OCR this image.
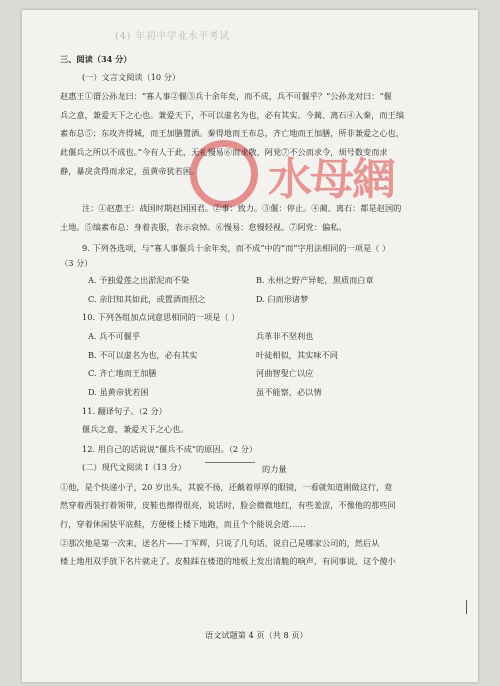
(4) 年初中学业水平考试
水母網
三、阅读（34 分）
(一）文言文阅读（10 分）
赵惠王①谓公孙龙曰：“寡人事②偃③兵十余年矣，而不成，兵不可偃乎？”公孙龙对曰：“偃
兵之意，兼爱天下之心也。兼爱天下，不可以虚名为也，必有其实。今蔺、离石④入秦，而王缟
素布总⑤；东攻齐得城，而王加膳置酒。秦得地而王布总，齐亡地而王加膳，所非兼爱之心也，
此偃兵之所以不成也。”今有人于此，无礼慢易⑥而求敬，阿党⑦不公而求令，烦号数变而求
静，暴戾贪得而求定，虽黄帝犹若困。
注：①赵惠王：战国时期赵国国君。②事：致力。③偃：停止。④蔺、离石：都是赵国的
土地。⑤缟素布总：身着丧服，表示哀悼。⑥慢易：怠慢轻视。⑦阿党：偏私。
9. 下列各选项，与“寡人事偃兵十余年矣，而不成”中的“而”字用法相同的一项是（ ）
（3 分）
A. 予独爱莲之出淤泥而不染	B. 永州之野产异蛇，黑质而白章
C. 亲旧知其如此，或置酒而招之	D. 臼而形诸梦
10. 下列各组加点词意思相同的一项是（ ）
A. 兵不可偃乎	兵革非不坚利也
B. 不可以虚名为也，必有其实	叶徒相似，其实味不同
C. 齐亡地而王加膳	河曲智叟亡以应
D. 虽黄帝犹若困	虽不能察，必以情
11. 翻译句子。（2 分）
偃兵之意，兼爱天下之心也。
12. 用自己的话说说“偃兵不成”的原因。（2 分）
(二）现代文阅读 I（13 分）	的力量
①他，是个快递小子，20 岁出头，其貌不扬，还戴着厚厚的眼镜，一看就知道刚做这行，竟
然穿着西装打着领带，皮鞋也擦得很亮，说话时，脸会微微地红，有些羞涩，不像他的那些同
行，穿着休闲装平底鞋，方便楼上楼下地跑，而且个个能说会道……
②那次他是第一次来，送名片——丁军辉，只说了几句话，说自己是哪家公司的，然后从
楼上地用双手放下名片就走了。皮鞋踩在楼道的地板上发出清脆的响声，有同事说，这个傻小
语文试题第 4 页（共 8 页）
